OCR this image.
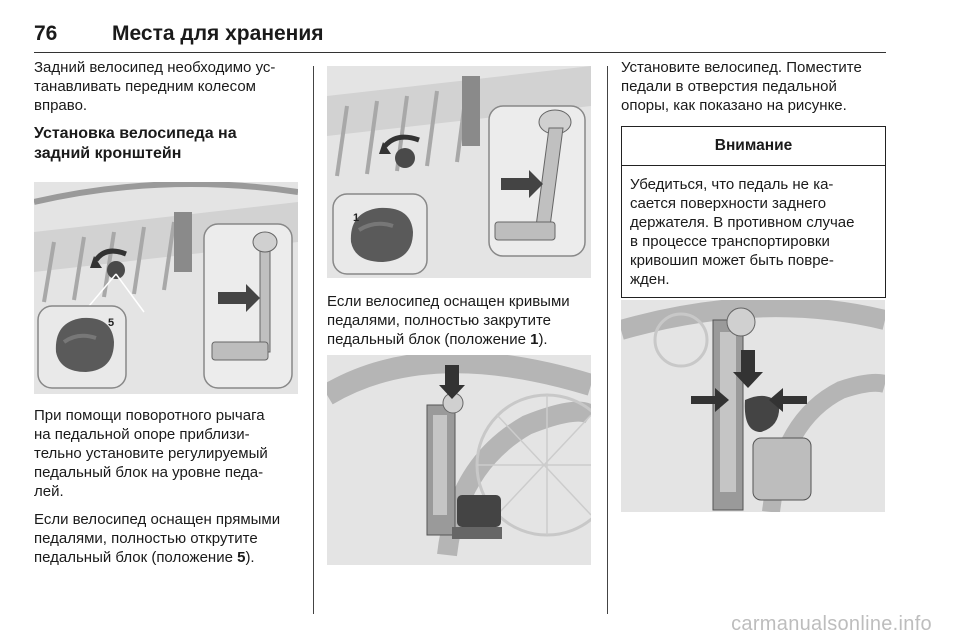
76	Места для хранения

Задний велосипед необходимо ус-
танавливать передним колесом
вправо.

Установка велосипеда на
задний кронштейн
5

При помощи поворотного рычага
на педальной опоре приблизи-
тельно установите регулируемый
педальный блок на уровне педа-
лей.

Если велосипед оснащен прямыми
педалями, полностью открутите
педальный блок (положение 5).

1

Если велосипед оснащен кривыми
педалями, полностью закрутите
педальный блок (положение 1).

Установите велосипед. Поместите
педали в отверстия педальной
опоры, как показано на рисунке.

Внимание
Убедиться, что педаль не ка-
сается поверхности заднего
держателя. В противном случае
в процессе транспортировки
кривошип может быть повре-
жден.
carmanualsonline.info
